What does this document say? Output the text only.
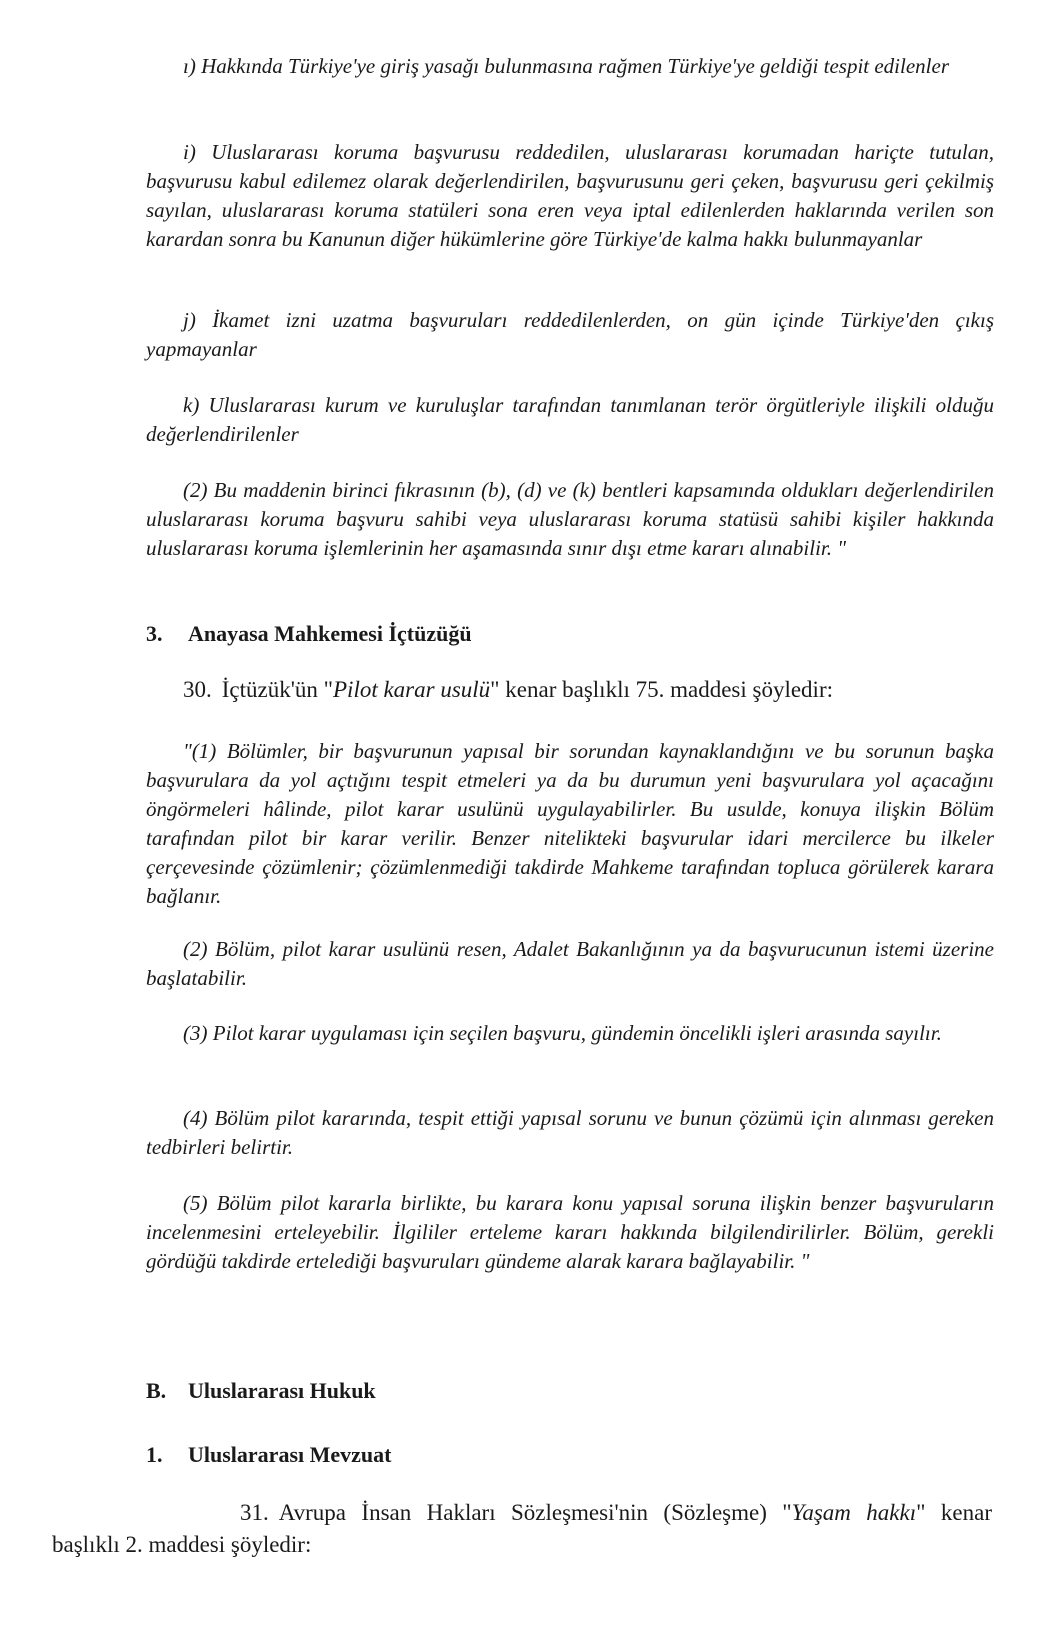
ı) Hakkında Türkiye'ye giriş yasağı bulunmasına rağmen Türkiye'ye geldiği tespit edilenler

i) Uluslararası koruma başvurusu reddedilen, uluslararası korumadan hariçte tutulan, başvurusu kabul edilemez olarak değerlendirilen, başvurusunu geri çeken, başvurusu geri çekilmiş sayılan, uluslararası koruma statüleri sona eren veya iptal edilenlerden haklarında verilen son karardan sonra bu Kanunun diğer hükümlerine göre Türkiye'de kalma hakkı bulunmayanlar

j) İkamet izni uzatma başvuruları reddedilenlerden, on gün içinde Türkiye'den çıkış yapmayanlar

k) Uluslararası kurum ve kuruluşlar tarafından tanımlanan terör örgütleriyle ilişkili olduğu değerlendirilenler

(2) Bu maddenin birinci fıkrasının (b), (d) ve (k) bentleri kapsamında oldukları değerlendirilen uluslararası koruma başvuru sahibi veya uluslararası koruma statüsü sahibi kişiler hakkında uluslararası koruma işlemlerinin her aşamasında sınır dışı etme kararı alınabilir. "

3. Anayasa Mahkemesi İçtüzüğü

30. İçtüzük'ün "Pilot karar usulü" kenar başlıklı 75. maddesi şöyledir:

"(1) Bölümler, bir başvurunun yapısal bir sorundan kaynaklandığını ve bu sorunun başka başvurulara da yol açtığını tespit etmeleri ya da bu durumun yeni başvurulara yol açacağını öngörmeleri hâlinde, pilot karar usulünü uygulayabilirler. Bu usulde, konuya ilişkin Bölüm tarafından pilot bir karar verilir. Benzer nitelikteki başvurular idari mercilerce bu ilkeler çerçevesinde çözümlenir; çözümlenmediği takdirde Mahkeme tarafından topluca görülerek karara bağlanır.

(2) Bölüm, pilot karar usulünü resen, Adalet Bakanlığının ya da başvurucunun istemi üzerine başlatabilir.

(3) Pilot karar uygulaması için seçilen başvuru, gündemin öncelikli işleri arasında sayılır.

(4) Bölüm pilot kararında, tespit ettiği yapısal sorunu ve bunun çözümü için alınması gereken tedbirleri belirtir.

(5) Bölüm pilot kararla birlikte, bu karara konu yapısal soruna ilişkin benzer başvuruların incelenmesini erteleyebilir. İlgililer erteleme kararı hakkında bilgilendirilirler. Bölüm, gerekli gördüğü takdirde ertelediği başvuruları gündeme alarak karara bağlayabilir. "

B. Uluslararası Hukuk
1. Uluslararası Mevzuat

31. Avrupa İnsan Hakları Sözleşmesi'nin (Sözleşme) "Yaşam hakkı" kenar başlıklı 2. maddesi şöyledir:
